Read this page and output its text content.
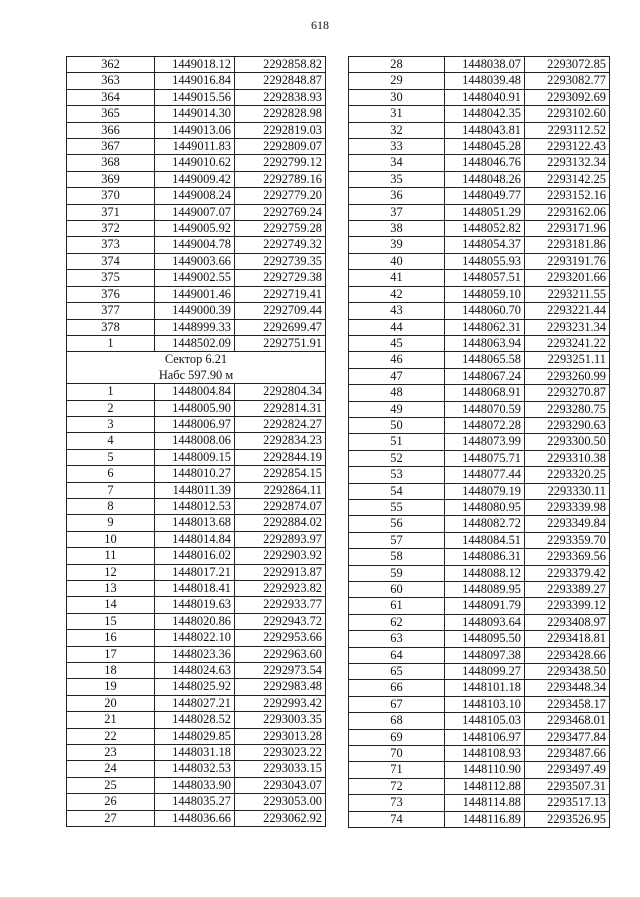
618
362	1449018.12	2292858.82
363	1449016.84	2292848.87
364	1449015.56	2292838.93
365	1449014.30	2292828.98
366	1449013.06	2292819.03
367	1449011.83	2292809.07
368	1449010.62	2292799.12
369	1449009.42	2292789.16
370	1449008.24	2292779.20
371	1449007.07	2292769.24
372	1449005.92	2292759.28
373	1449004.78	2292749.32
374	1449003.66	2292739.35
375	1449002.55	2292729.38
376	1449001.46	2292719.41
377	1449000.39	2292709.44
378	1448999.33	2292699.47
1	1448502.09	2292751.91

Сектор 6.21
Набс 597.90 м		

1	1448004.84	2292804.34
2	1448005.90	2292814.31
3	1448006.97	2292824.27
4	1448008.06	2292834.23
5	1448009.15	2292844.19
6	1448010.27	2292854.15
7	1448011.39	2292864.11
8	1448012.53	2292874.07
9	1448013.68	2292884.02
10	1448014.84	2292893.97
11	1448016.02	2292903.92
12	1448017.21	2292913.87
13	1448018.41	2292923.82
14	1448019.63	2292933.77
15	1448020.86	2292943.72
16	1448022.10	2292953.66
17	1448023.36	2292963.60
18	1448024.63	2292973.54
19	1448025.92	2292983.48
20	1448027.21	2292993.42
21	1448028.52	2293003.35
22	1448029.85	2293013.28
23	1448031.18	2293023.22
24	1448032.53	2293033.15
25	1448033.90	2293043.07
26	1448035.27	2293053.00
27	1448036.66	2293062.92
28	1448038.07	2293072.85
29	1448039.48	2293082.77
30	1448040.91	2293092.69
31	1448042.35	2293102.60
32	1448043.81	2293112.52
33	1448045.28	2293122.43
34	1448046.76	2293132.34
35	1448048.26	2293142.25
36	1448049.77	2293152.16
37	1448051.29	2293162.06
38	1448052.82	2293171.96
39	1448054.37	2293181.86
40	1448055.93	2293191.76
41	1448057.51	2293201.66
42	1448059.10	2293211.55
43	1448060.70	2293221.44
44	1448062.31	2293231.34
45	1448063.94	2293241.22
46	1448065.58	2293251.11
47	1448067.24	2293260.99
48	1448068.91	2293270.87
49	1448070.59	2293280.75
50	1448072.28	2293290.63
51	1448073.99	2293300.50
52	1448075.71	2293310.38
53	1448077.44	2293320.25
54	1448079.19	2293330.11
55	1448080.95	2293339.98
56	1448082.72	2293349.84
57	1448084.51	2293359.70
58	1448086.31	2293369.56
59	1448088.12	2293379.42
60	1448089.95	2293389.27
61	1448091.79	2293399.12
62	1448093.64	2293408.97
63	1448095.50	2293418.81
64	1448097.38	2293428.66
65	1448099.27	2293438.50
66	1448101.18	2293448.34
67	1448103.10	2293458.17
68	1448105.03	2293468.01
69	1448106.97	2293477.84
70	1448108.93	2293487.66
71	1448110.90	2293497.49
72	1448112.88	2293507.31
73	1448114.88	2293517.13
74	1448116.89	2293526.95
